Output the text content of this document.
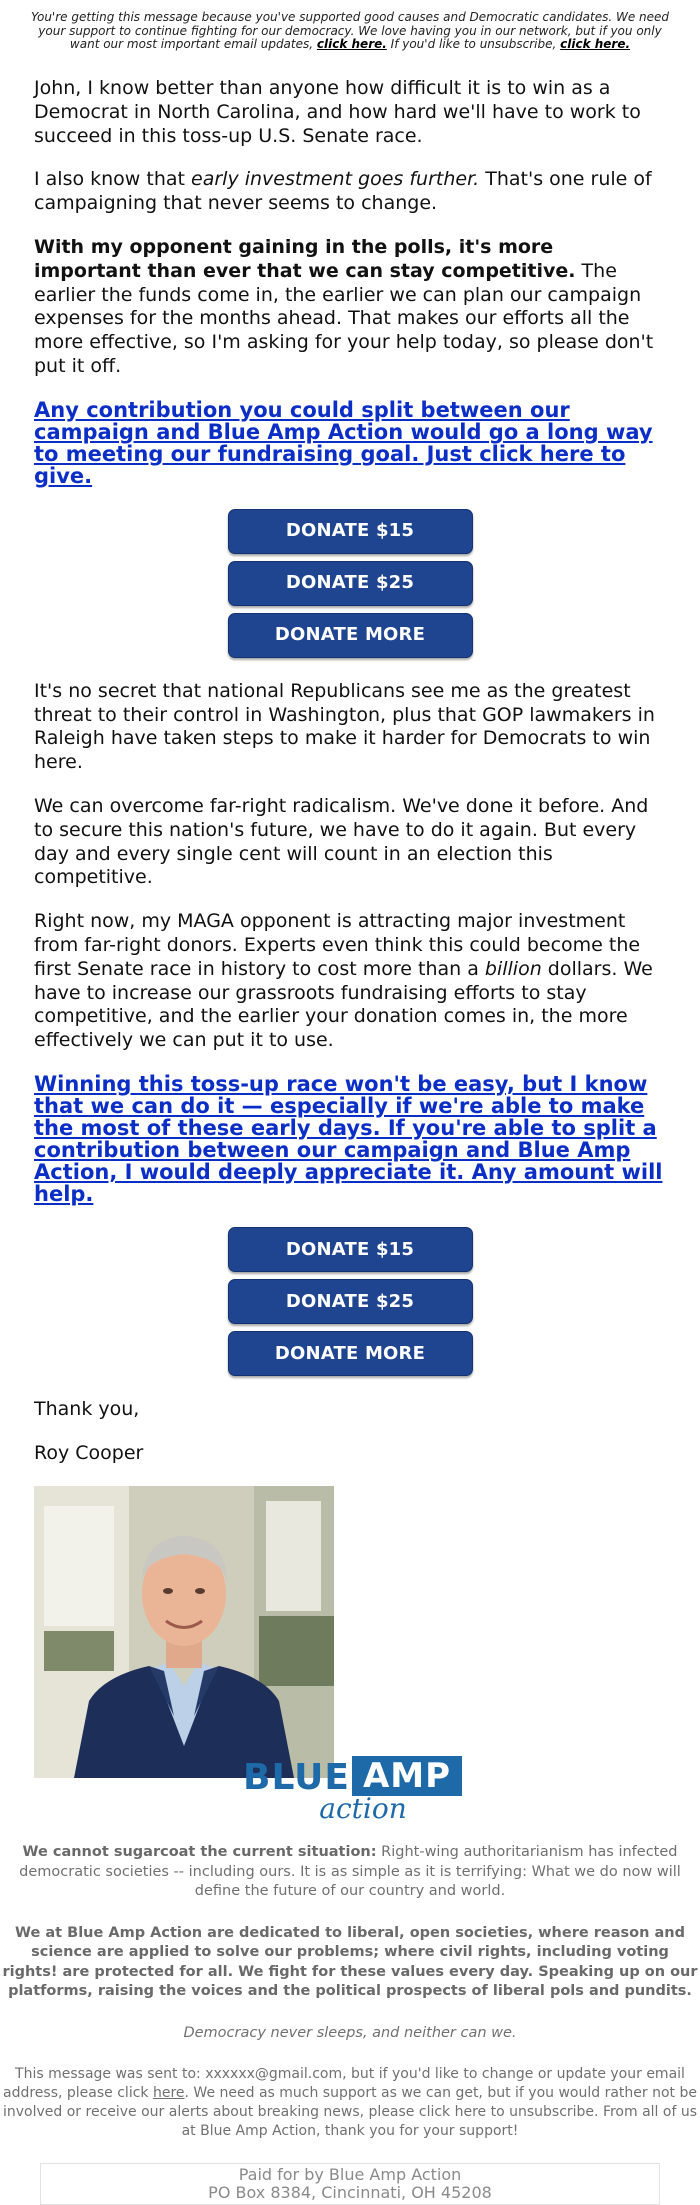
You're getting this message because you've supported good causes and Democratic candidates. We need your support to continue fighting for our democracy. We love having you in our network, but if you only want our most important email updates, click here. If you'd like to unsubscribe, click here.

John, I know better than anyone how difficult it is to win as a Democrat in North Carolina, and how hard we'll have to work to succeed in this toss-up U.S. Senate race.

I also know that early investment goes further. That's one rule of campaigning that never seems to change.

With my opponent gaining in the polls, it's more important than ever that we can stay competitive. The earlier the funds come in, the earlier we can plan our campaign expenses for the months ahead. That makes our efforts all the more effective, so I'm asking for your help today, so please don't put it off.

Any contribution you could split between our campaign and Blue Amp Action would go a long way to meeting our fundraising goal. Just click here to give.
DONATE $15
DONATE $25
DONATE MORE

It's no secret that national Republicans see me as the greatest threat to their control in Washington, plus that GOP lawmakers in Raleigh have taken steps to make it harder for Democrats to win here.

We can overcome far-right radicalism. We've done it before. And to secure this nation's future, we have to do it again. But every day and every single cent will count in an election this competitive.

Right now, my MAGA opponent is attracting major investment from far-right donors. Experts even think this could become the first Senate race in history to cost more than a billion dollars. We have to increase our grassroots fundraising efforts to stay competitive, and the earlier your donation comes in, the more effectively we can put it to use.

Winning this toss-up race won't be easy, but I know that we can do it — especially if we're able to make the most of these early days. If you're able to split a contribution between our campaign and Blue Amp Action, I would deeply appreciate it. Any amount will help.
DONATE $15
DONATE $25
DONATE MORE

Thank you,

Roy Cooper

BLUE AMP
action

We cannot sugarcoat the current situation: Right-wing authoritarianism has infected democratic societies -- including ours. It is as simple as it is terrifying: What we do now will define the future of our country and world.

We at Blue Amp Action are dedicated to liberal, open societies, where reason and science are applied to solve our problems; where civil rights, including voting rights! are protected for all. We fight for these values every day. Speaking up on our platforms, raising the voices and the political prospects of liberal pols and pundits.

Democracy never sleeps, and neither can we.

This message was sent to: xxxxxx@gmail.com, but if you'd like to change or update your email address, please click here. We need as much support as we can get, but if you would rather not be involved or receive our alerts about breaking news, please click here to unsubscribe. From all of us at Blue Amp Action, thank you for your support!

Paid for by Blue Amp Action
PO Box 8384, Cincinnati, OH 45208
